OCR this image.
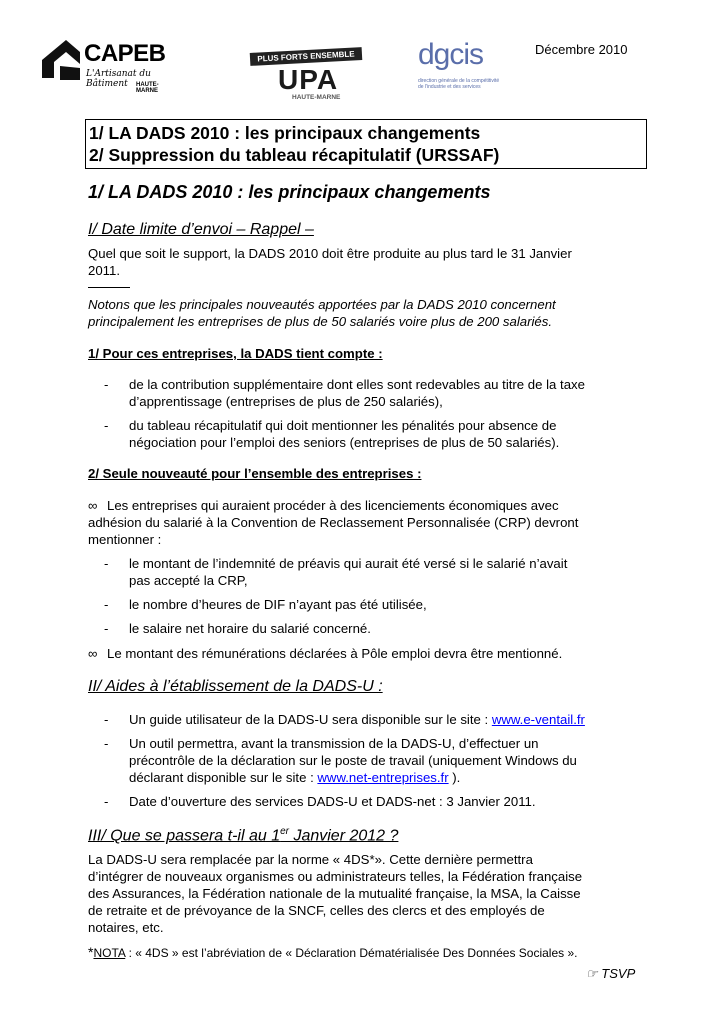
Décembre 2010
CAPEB
L'Artisanat du Bâtiment	HAUTE-MARNE
PLUS FORTS ENSEMBLE
UPA
HAUTE-MARNE
dgcis
direction générale de la compétitivité de l'industrie et des services
1/ LA DADS 2010 : les principaux changements
2/ Suppression du tableau récapitulatif (URSSAF)
1/ LA DADS 2010 : les principaux changements
I/ Date limite d’envoi – Rappel –
Quel que soit le support, la DADS 2010 doit être produite au plus tard le 31 Janvier
2011.
Notons que les principales nouveautés apportées par la DADS 2010 concernent
principalement les entreprises de plus de 50 salariés voire plus de 200 salariés.
1/ Pour ces entreprises, la DADS tient compte :
- de la contribution supplémentaire dont elles sont redevables au titre de la taxe
d’apprentissage (entreprises de plus de 250 salariés),
- du tableau récapitulatif qui doit mentionner les pénalités pour absence de
négociation pour l’emploi des seniors (entreprises de plus de 50 salariés).
2/ Seule nouveauté pour l’ensemble des entreprises :
∞ Les entreprises qui auraient procéder à des licenciements économiques avec
adhésion du salarié à la Convention de Reclassement Personnalisée (CRP) devront
mentionner :
- le montant de l’indemnité de préavis qui aurait été versé si le salarié n’avait
pas accepté la CRP,
- le nombre d’heures de DIF n’ayant pas été utilisée,
- le salaire net horaire du salarié concerné.
∞ Le montant des rémunérations déclarées à Pôle emploi devra être mentionné.
II/ Aides à l’établissement de la DADS-U :
- Un guide utilisateur de la DADS-U sera disponible sur le site : www.e-ventail.fr
- Un outil permettra, avant la transmission de la DADS-U, d’effectuer un
précontrôle de la déclaration sur le poste de travail (uniquement Windows du
déclarant disponible sur le site : www.net-entreprises.fr ).
- Date d’ouverture des services DADS-U et DADS-net : 3 Janvier 2011.
III/ Que se passera t-il au 1er Janvier 2012 ?
La DADS-U sera remplacée par la norme « 4DS*». Cette dernière permettra
d’intégrer de nouveaux organismes ou administrateurs telles, la Fédération française
des Assurances, la Fédération nationale de la mutualité française, la MSA, la Caisse
de retraite et de prévoyance de la SNCF, celles des clercs et des employés de
notaires, etc.
*NOTA : « 4DS » est l’abréviation de « Déclaration Dématérialisée Des Données Sociales ».
☞ TSVP
